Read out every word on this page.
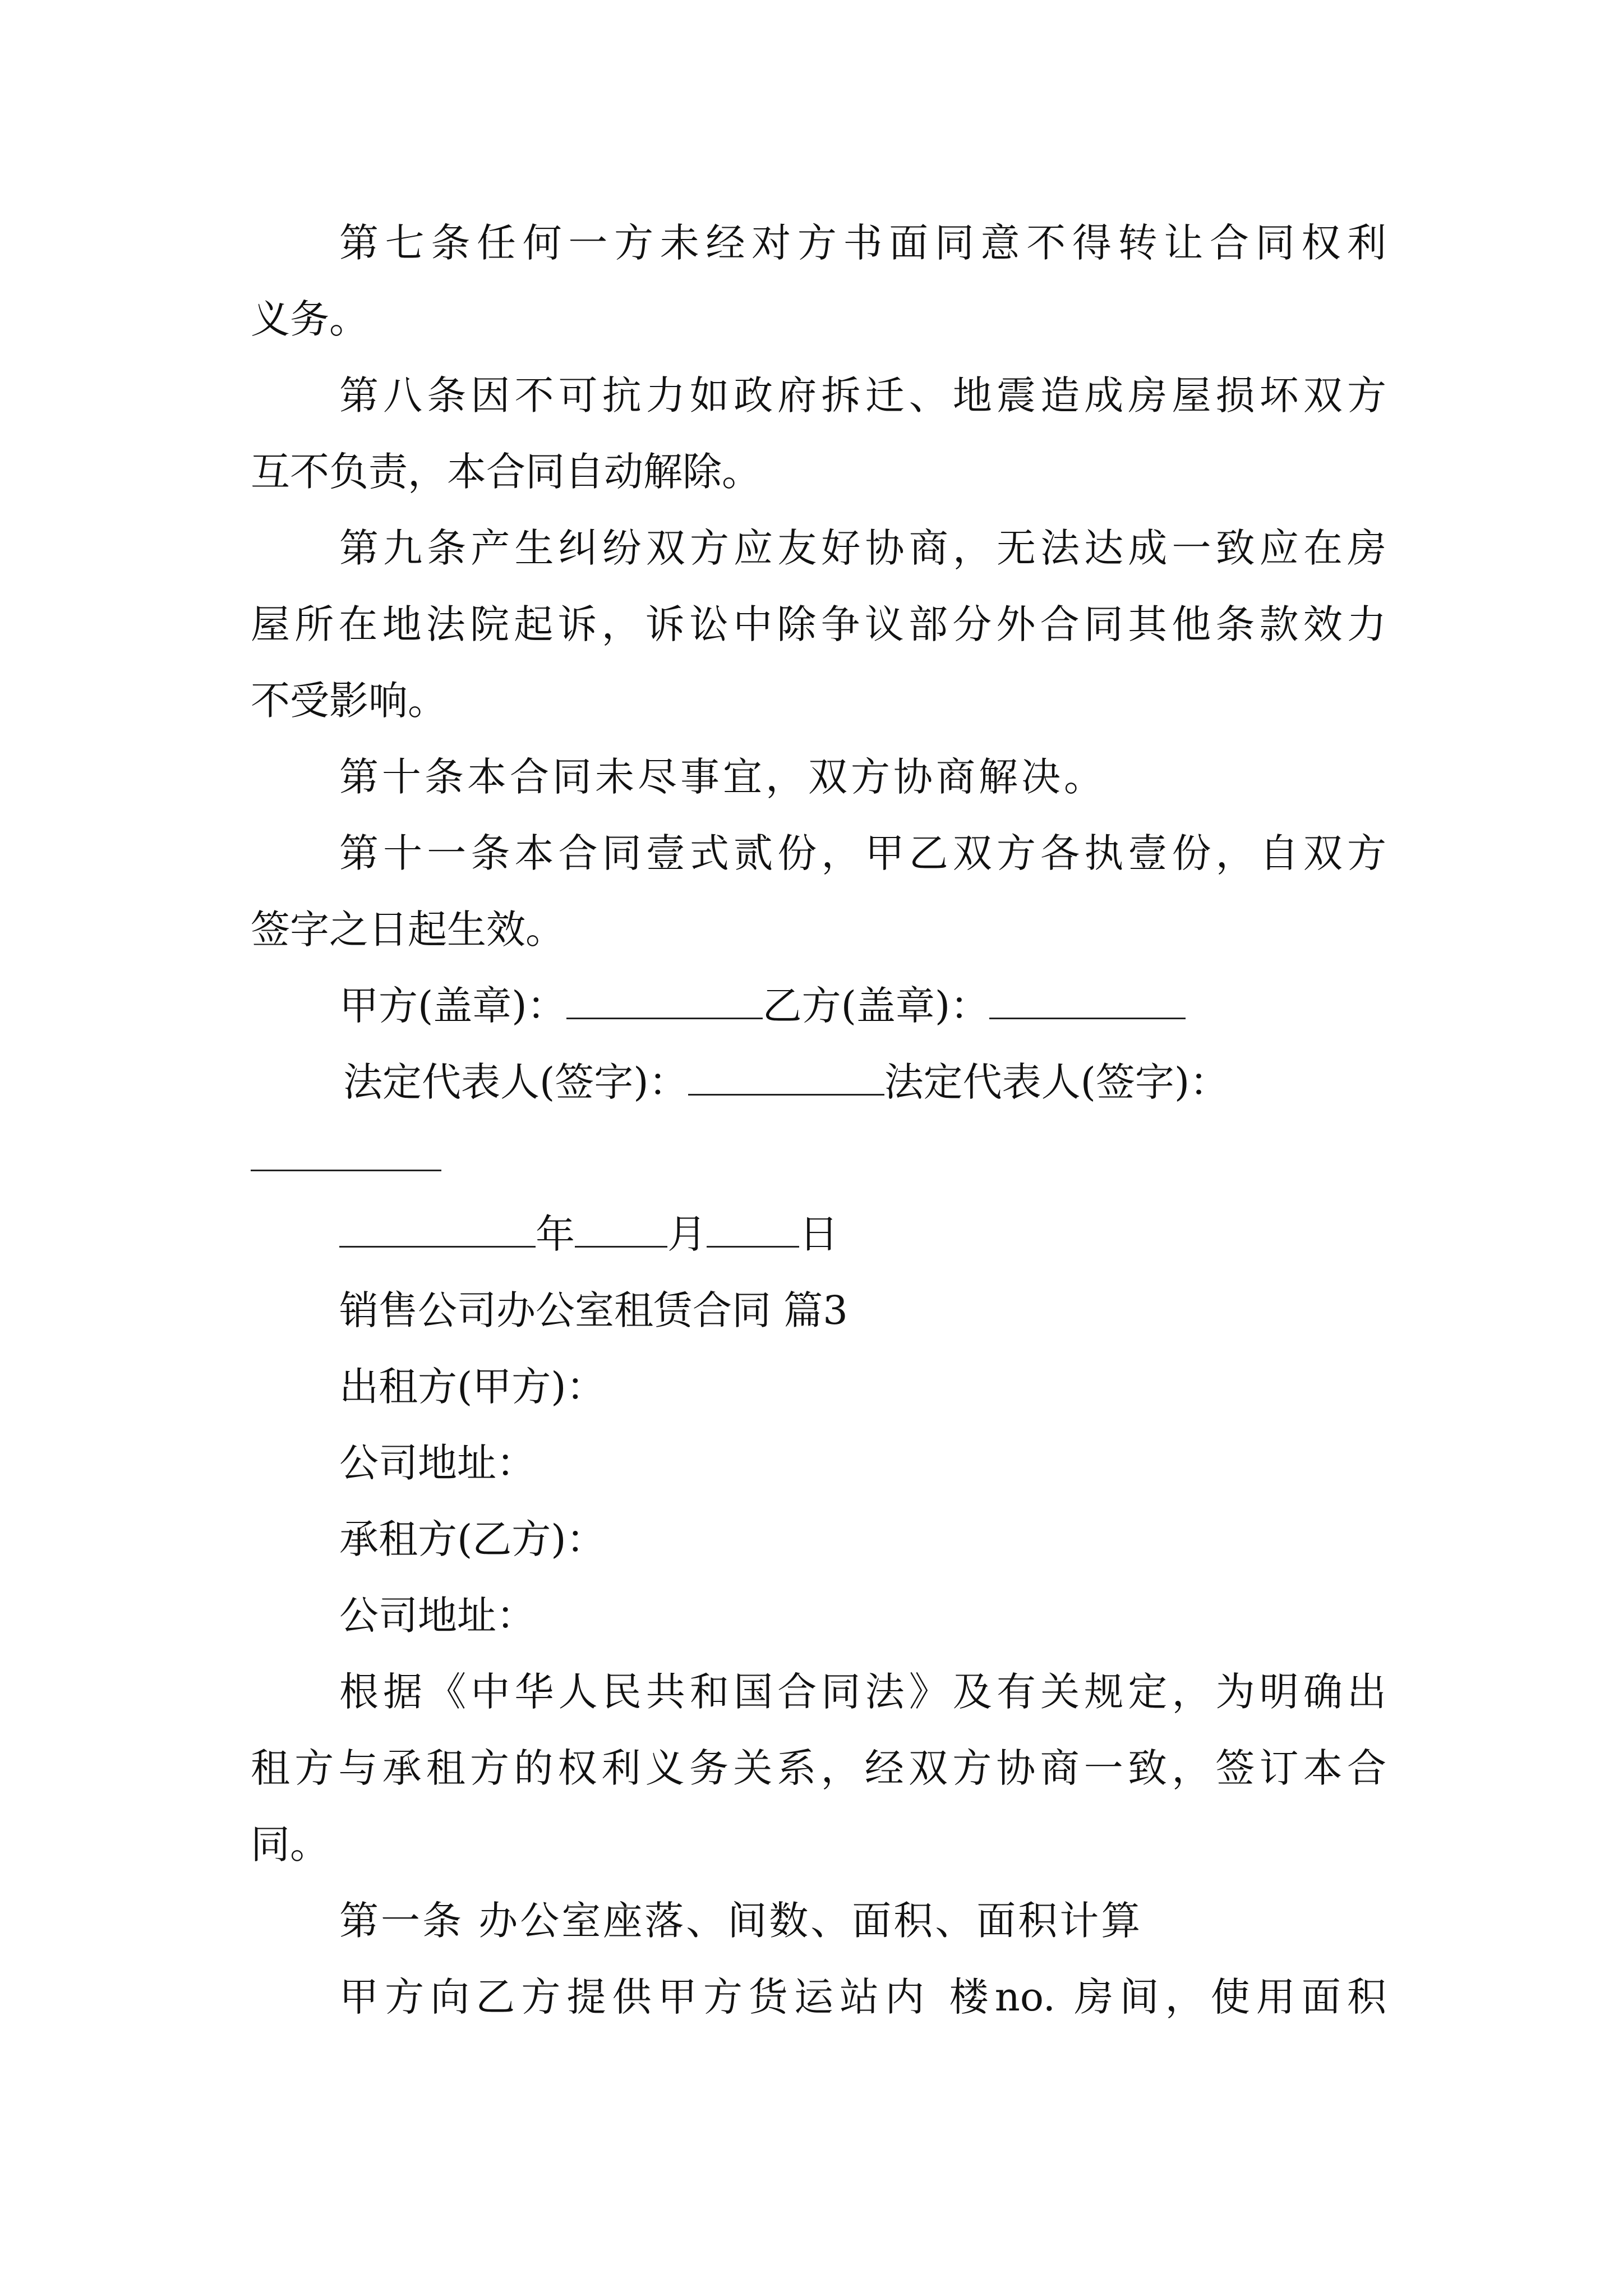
第七条任何一方未经对方书面同意不得转让合同权利

义务。

第八条因不可抗力如政府拆迁、地震造成房屋损坏双方

互不负责，本合同自动解除。

第九条产生纠纷双方应友好协商，无法达成一致应在房

屋所在地法院起诉，诉讼中除争议部分外合同其他条款效力

不受影响。

第十条本合同未尽事宜，双方协商解决。

第十一条本合同壹式贰份，甲乙双方各执壹份，自双方

签字之日起生效。

甲方(盖章)：	乙方(盖章)：

法定代表人(签字)：	法定代表人(签字)：

年 月 日

销售公司办公室租赁合同 篇3

出租方(甲方)：

公司地址：

承租方(乙方)：

公司地址：

根据《中华人民共和国合同法》及有关规定，为明确出

租方与承租方的权利义务关系，经双方协商一致，签订本合

同。

第一条 办公室座落、间数、面积、面积计算

甲方向乙方提供甲方货运站内 楼no. 房间，使用面积
